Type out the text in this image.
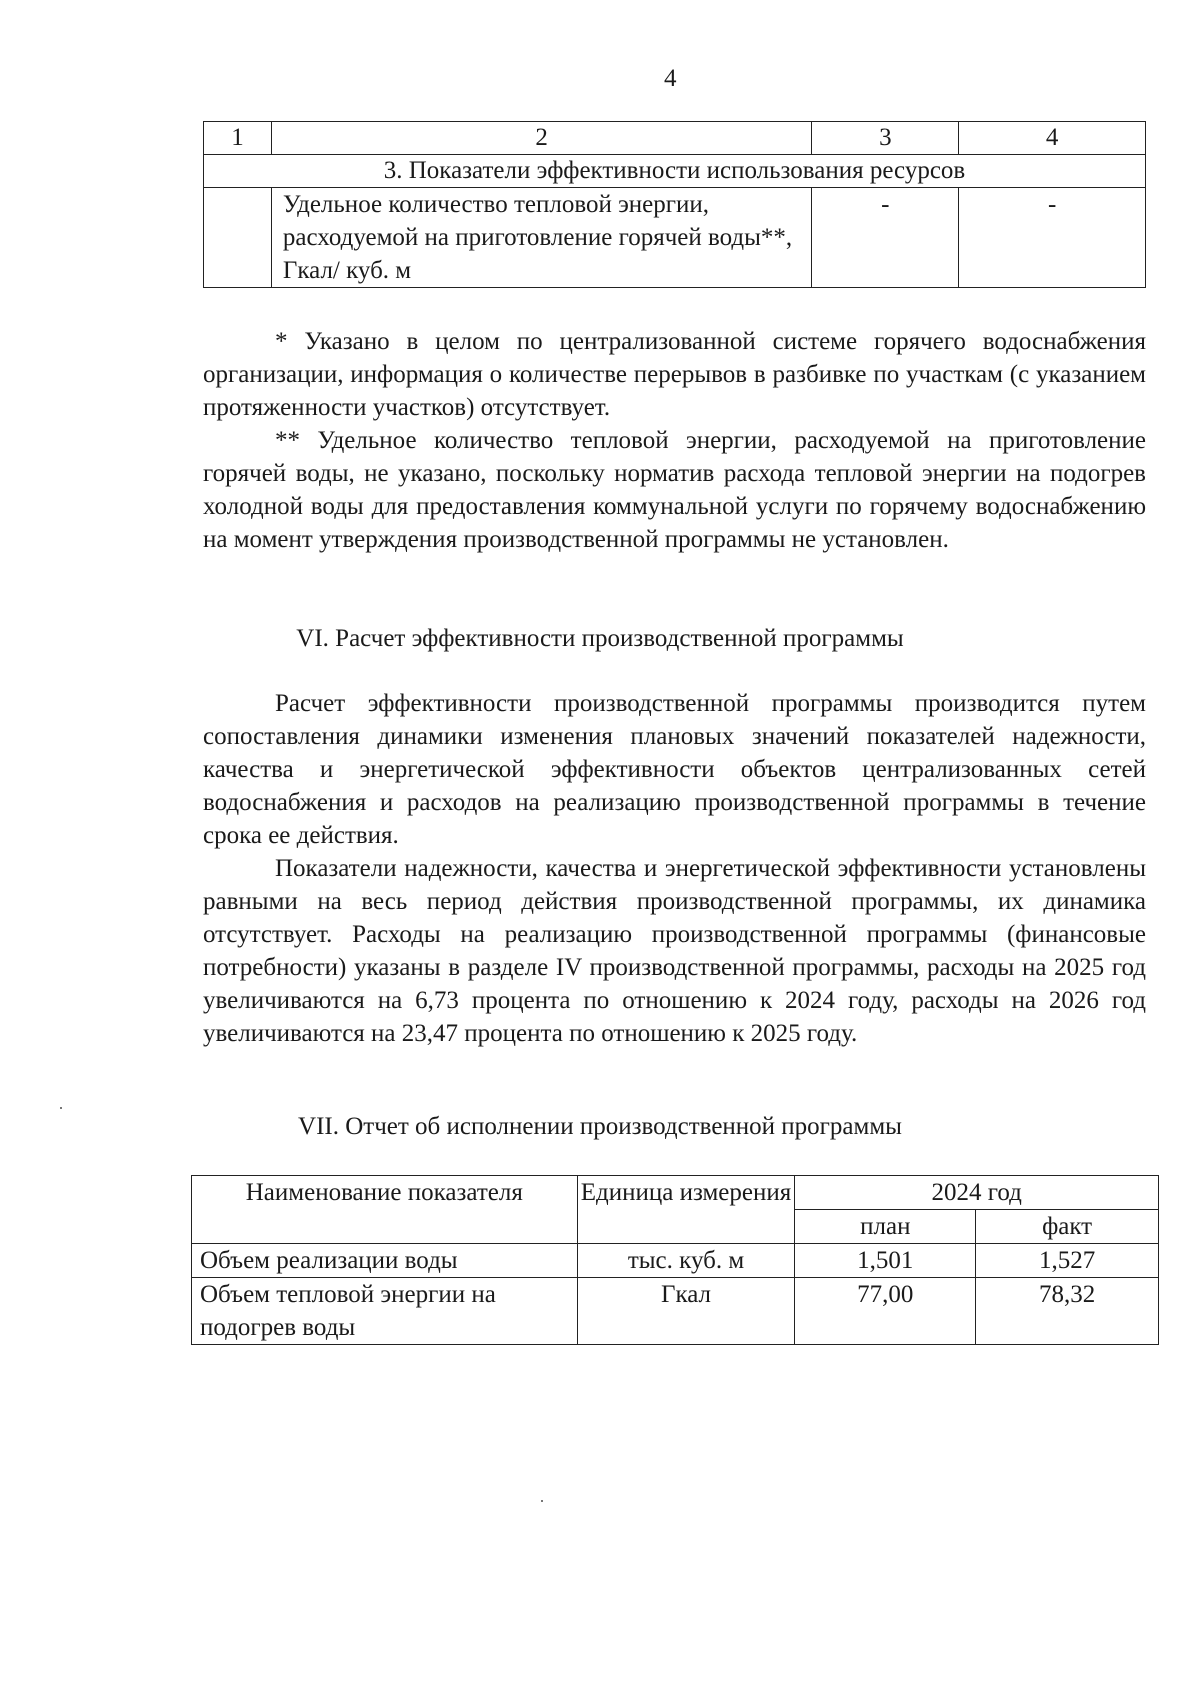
4
1	2	3	4
3. Показатели эффективности использования ресурсов			
	Удельное количество тепловой энергии, расходуемой на приготовление горячей воды**, Гкал/ куб. м	-	-

* Указано в целом по централизованной системе горячего водоснабжения организации, информация о количестве перерывов в разбивке по участкам (с указанием протяженности участков) отсутствует.

** Удельное количество тепловой энергии, расходуемой на приготовление горячей воды, не указано, поскольку норматив расхода тепловой энергии на подогрев холодной воды для предоставления коммунальной услуги по горячему водоснабжению на момент утверждения производственной программы не установлен.

VI. Расчет эффективности производственной программы

Расчет эффективности производственной программы производится путем сопоставления динамики изменения плановых значений показателей надежности, качества и энергетической эффективности объектов централизованных сетей водоснабжения и расходов на реализацию производственной программы в течение срока ее действия.

Показатели надежности, качества и энергетической эффективности установлены равными на весь период действия производственной программы, их динамика отсутствует. Расходы на реализацию производственной программы (финансовые потребности) указаны в разделе IV производственной программы, расходы на 2025 год увеличиваются на 6,73 процента по отношению к 2024 году, расходы на 2026 год увеличиваются на 23,47 процента по отношению к 2025 году.

VII. Отчет об исполнении производственной программы
Наименование показателя	Единица измерения	2024 год	
		план	факт
Объем реализации воды	тыс. куб. м	1,501	1,527
Объем тепловой энергии на подогрев воды	Гкал	77,00	78,32
